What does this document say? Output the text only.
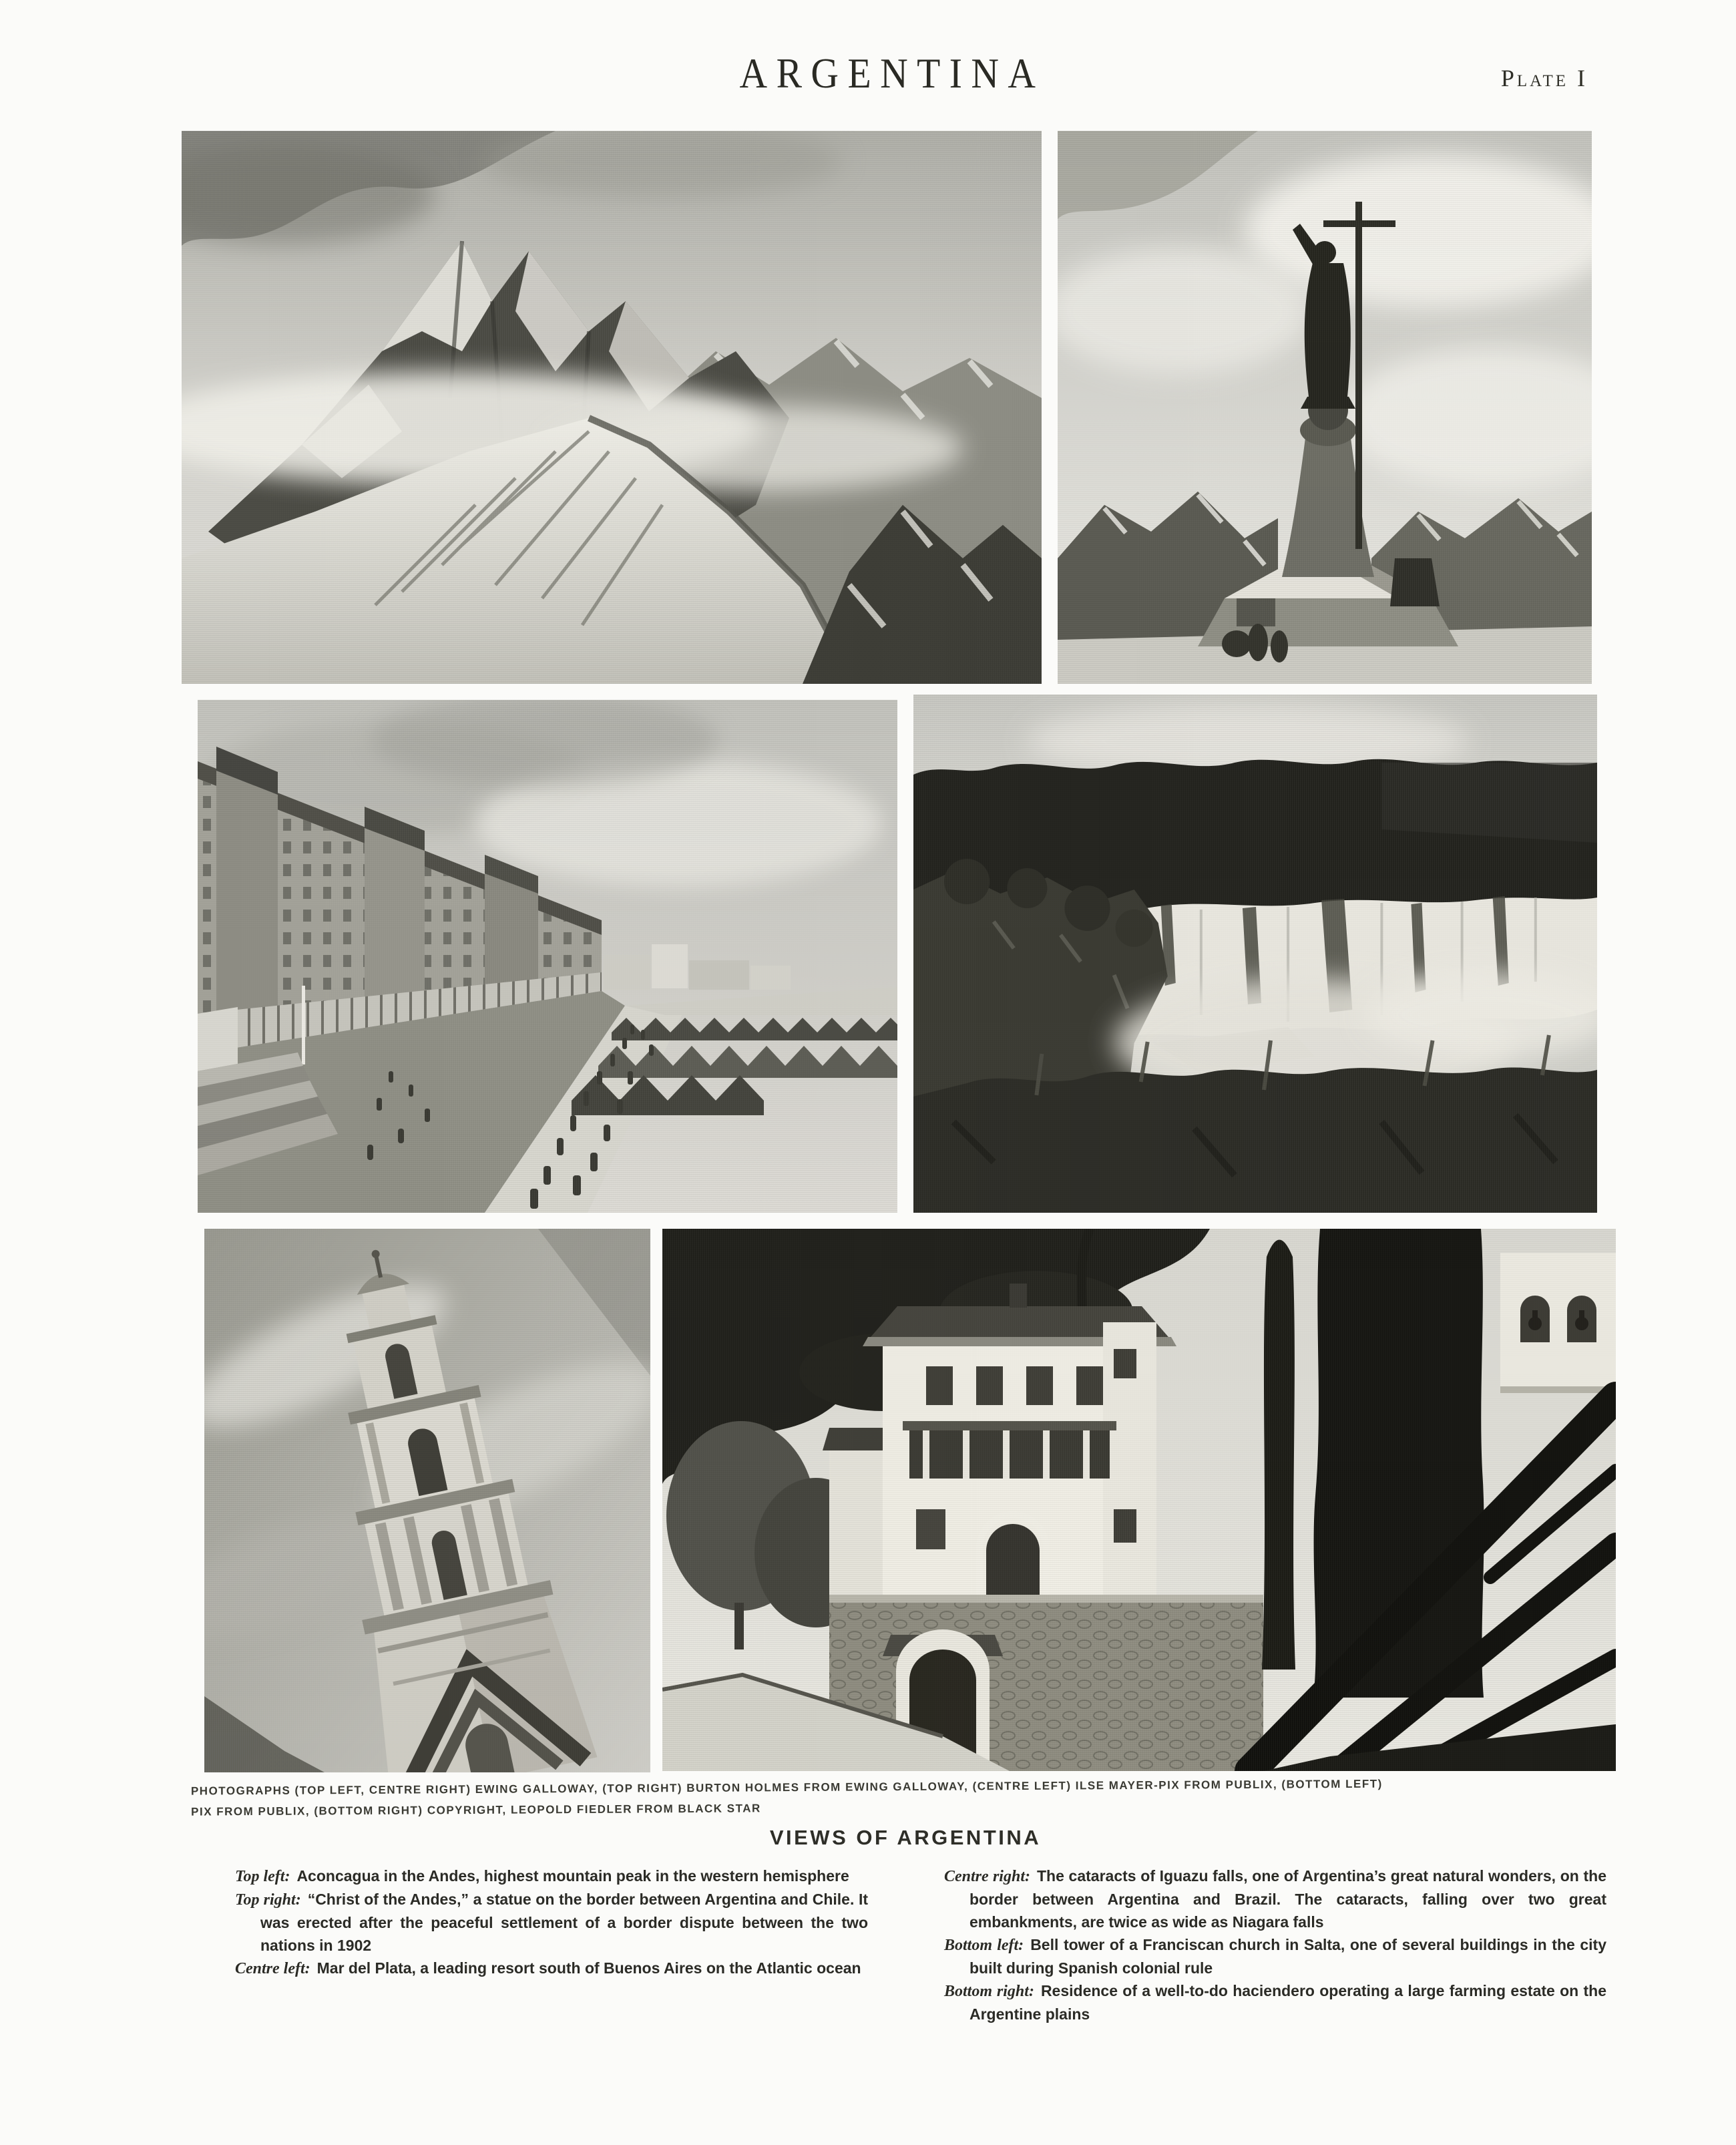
ARGENTINA	Plate I
PHOTOGRAPHS (TOP LEFT, CENTRE RIGHT) EWING GALLOWAY, (TOP RIGHT) BURTON HOLMES FROM EWING GALLOWAY, (CENTRE LEFT) ILSE MAYER-PIX FROM PUBLIX, (BOTTOM LEFT)
PIX FROM PUBLIX, (BOTTOM RIGHT) COPYRIGHT, LEOPOLD FIEDLER FROM BLACK STAR
VIEWS OF ARGENTINA

Top left: Aconcagua in the Andes, highest mountain peak in the western hemisphere

Top right: “Christ of the Andes,” a statue on the border between Argentina and Chile. It was erected after the peaceful settlement of a border dispute between the two nations in 1902

Centre left: Mar del Plata, a leading resort south of Buenos Aires on the Atlantic ocean

Centre right: The cataracts of Iguazu falls, one of Argentina’s great natural wonders, on the border between Argentina and Brazil. The cataracts, falling over two great embankments, are twice as wide as Niagara falls

Bottom left: Bell tower of a Franciscan church in Salta, one of several buildings in the city built during Spanish colonial rule

Bottom right: Residence of a well-to-do haciendero operating a large farming estate on the Argentine plains
